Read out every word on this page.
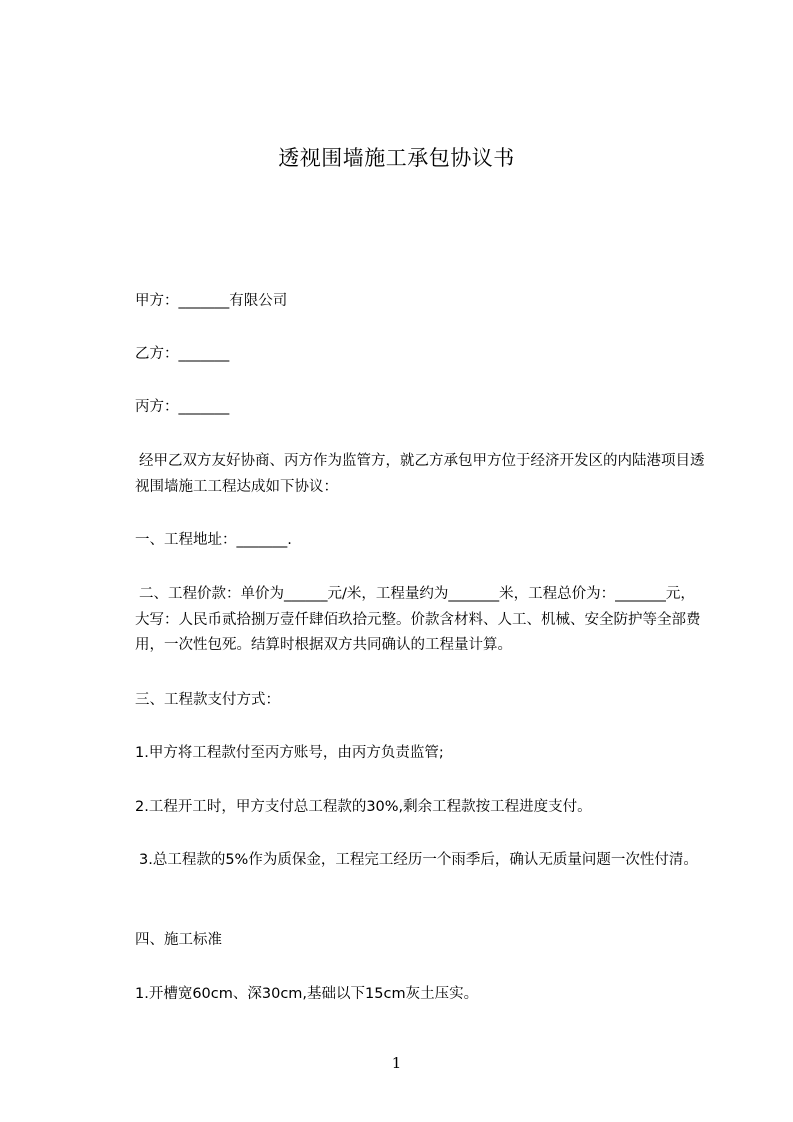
透视围墙施工承包协议书
甲方：_______有限公司
乙方：_______
丙方：_______
经甲乙双方友好协商、丙方作为监管方，就乙方承包甲方位于经济开发区的内陆港项目透视围墙施工工程达成如下协议：
一、工程地址：_______.
二、工程价款：单价为______元/米，工程量约为_______米，工程总价为：_______元，大写：人民币贰拾捌万壹仟肆佰玖拾元整。价款含材料、人工、机械、安全防护等全部费用，一次性包死。结算时根据双方共同确认的工程量计算。
三、工程款支付方式：
1.甲方将工程款付至丙方账号，由丙方负责监管;
2.工程开工时，甲方支付总工程款的30%,剩余工程款按工程进度支付。
3.总工程款的5%作为质保金，工程完工经历一个雨季后，确认无质量问题一次性付清。
四、施工标准
1.开槽宽60cm、深30cm,基础以下15cm灰土压实。
1
